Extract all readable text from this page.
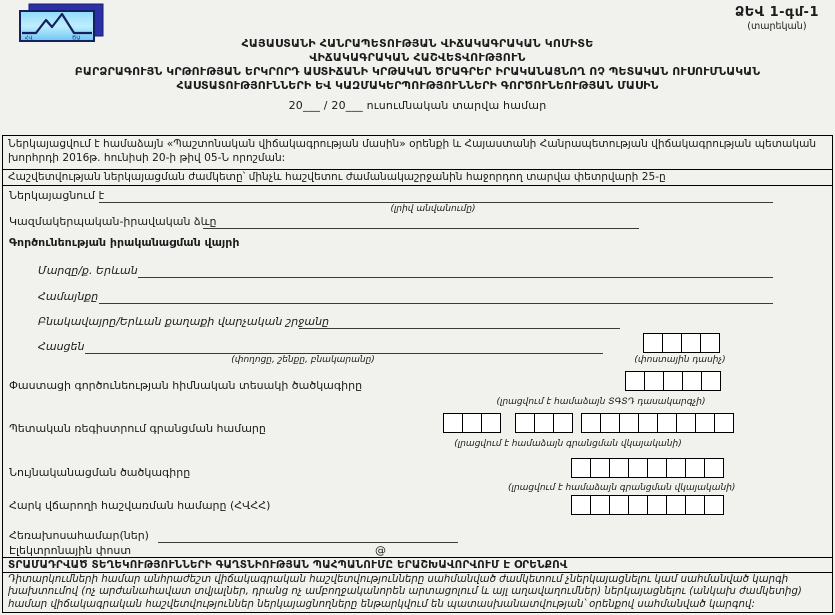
ՀՎ	ԾԱ
ՁԵՎ 1-գմ-1
(տարեկան)
ՀԱՅԱՍՏԱՆԻ ՀԱՆՐԱՊԵՏՈՒԹՅԱՆ ՎԻՃԱԿԱԳՐԱԿԱՆ ԿՈՄԻՏԵ
ՎԻՃԱԿԱԳՐԱԿԱՆ ՀԱՇՎԵՏՎՈՒԹՅՈՒՆ
ԲԱՐՁՐԱԳՈՒՅՆ ԿՐԹՈՒԹՅԱՆ ԵՐԿՐՈՐԴ ԱՍՏԻՃԱՆԻ ԿՐԹԱԿԱՆ ԾՐԱԳՐԵՐ ԻՐԱԿԱՆԱՑՆՈՂ ՈՉ ՊԵՏԱԿԱՆ ՈՒՍՈՒՄՆԱԿԱՆ
ՀԱՍՏԱՏՈՒԹՅՈՒՆՆԵՐԻ ԵՎ ԿԱԶՄԱԿԵՐՊՈՒԹՅՈՒՆՆԵՐԻ ԳՈՐԾՈՒՆԵՈՒԹՅԱՆ ՄԱՍԻՆ
20___ / 20___ ուսումնական տարվա համար
Ներկայացվում է համաձայն «Պաշտոնական վիճակագրության մասին» օրենքի և Հայաստանի Հանրապետության վիճակագրության պետական խորհրդի 2016թ. հունիսի 20-ի թիվ 05-Ն որոշման:
Հաշվետվության ներկայացման ժամկետը՝ մինչև հաշվետու ժամանակաշրջանին հաջորդող տարվա փետրվարի 25-ը
Ներկայացնում է
(լրիվ անվանումը)
Կազմակերպական-իրավական ձևը
Գործունեության իրականացման վայրի
Մարզը/ք. Երևան
Համայնքը
Բնակավայրը/Երևան քաղաքի վարչական շրջանը
Հասցեն
(փողոցը, շենքը, բնակարանը)	(փոստային դասիչ)
Փաստացի գործունեության հիմնական տեսակի ծածկագիրը
(լրացվում է համաձայն ՏԳՏԴ դասակարգչի)
Պետական ռեգիստրում գրանցման համարը
(լրացվում է համաձայն գրանցման վկայականի)
Նույնականացման ծածկագիրը
(լրացվում է համաձայն գրանցման վկայականի)
Հարկ վճարողի հաշվառման համարը (ՀՎՀՀ)
Հեռախոսահամար(ներ)
Էլեկտրոնային փոստ	@
ՏՐԱՄԱԴՐՎԱԾ ՏԵՂԵԿՈՒԹՅՈՒՆՆԵՐԻ ԳԱՂՏՆԻՈՒԹՅԱՆ ՊԱՀՊԱՆՈՒՄԸ ԵՐԱՇԽԱՎՈՐՎՈՒՄ Է ՕՐԵՆՔՈՎ
Դիտարկումների համար անհրաժեշտ վիճակագրական հաշվետվությունները սահմանված ժամկետում չներկայացնելու կամ սահմանված կարգի խախտումով (ոչ արժանահավատ տվյալներ, դրանց ոչ ամբողջականորեն արտացոլում և այլ աղավաղումներ) ներկայացնելու (անկախ ժամկետից) համար վիճակագրական հաշվետվություններ ներկայացնողները ենթարկվում են պատասխանատվության՝ օրենքով սահմանված կարգով:
